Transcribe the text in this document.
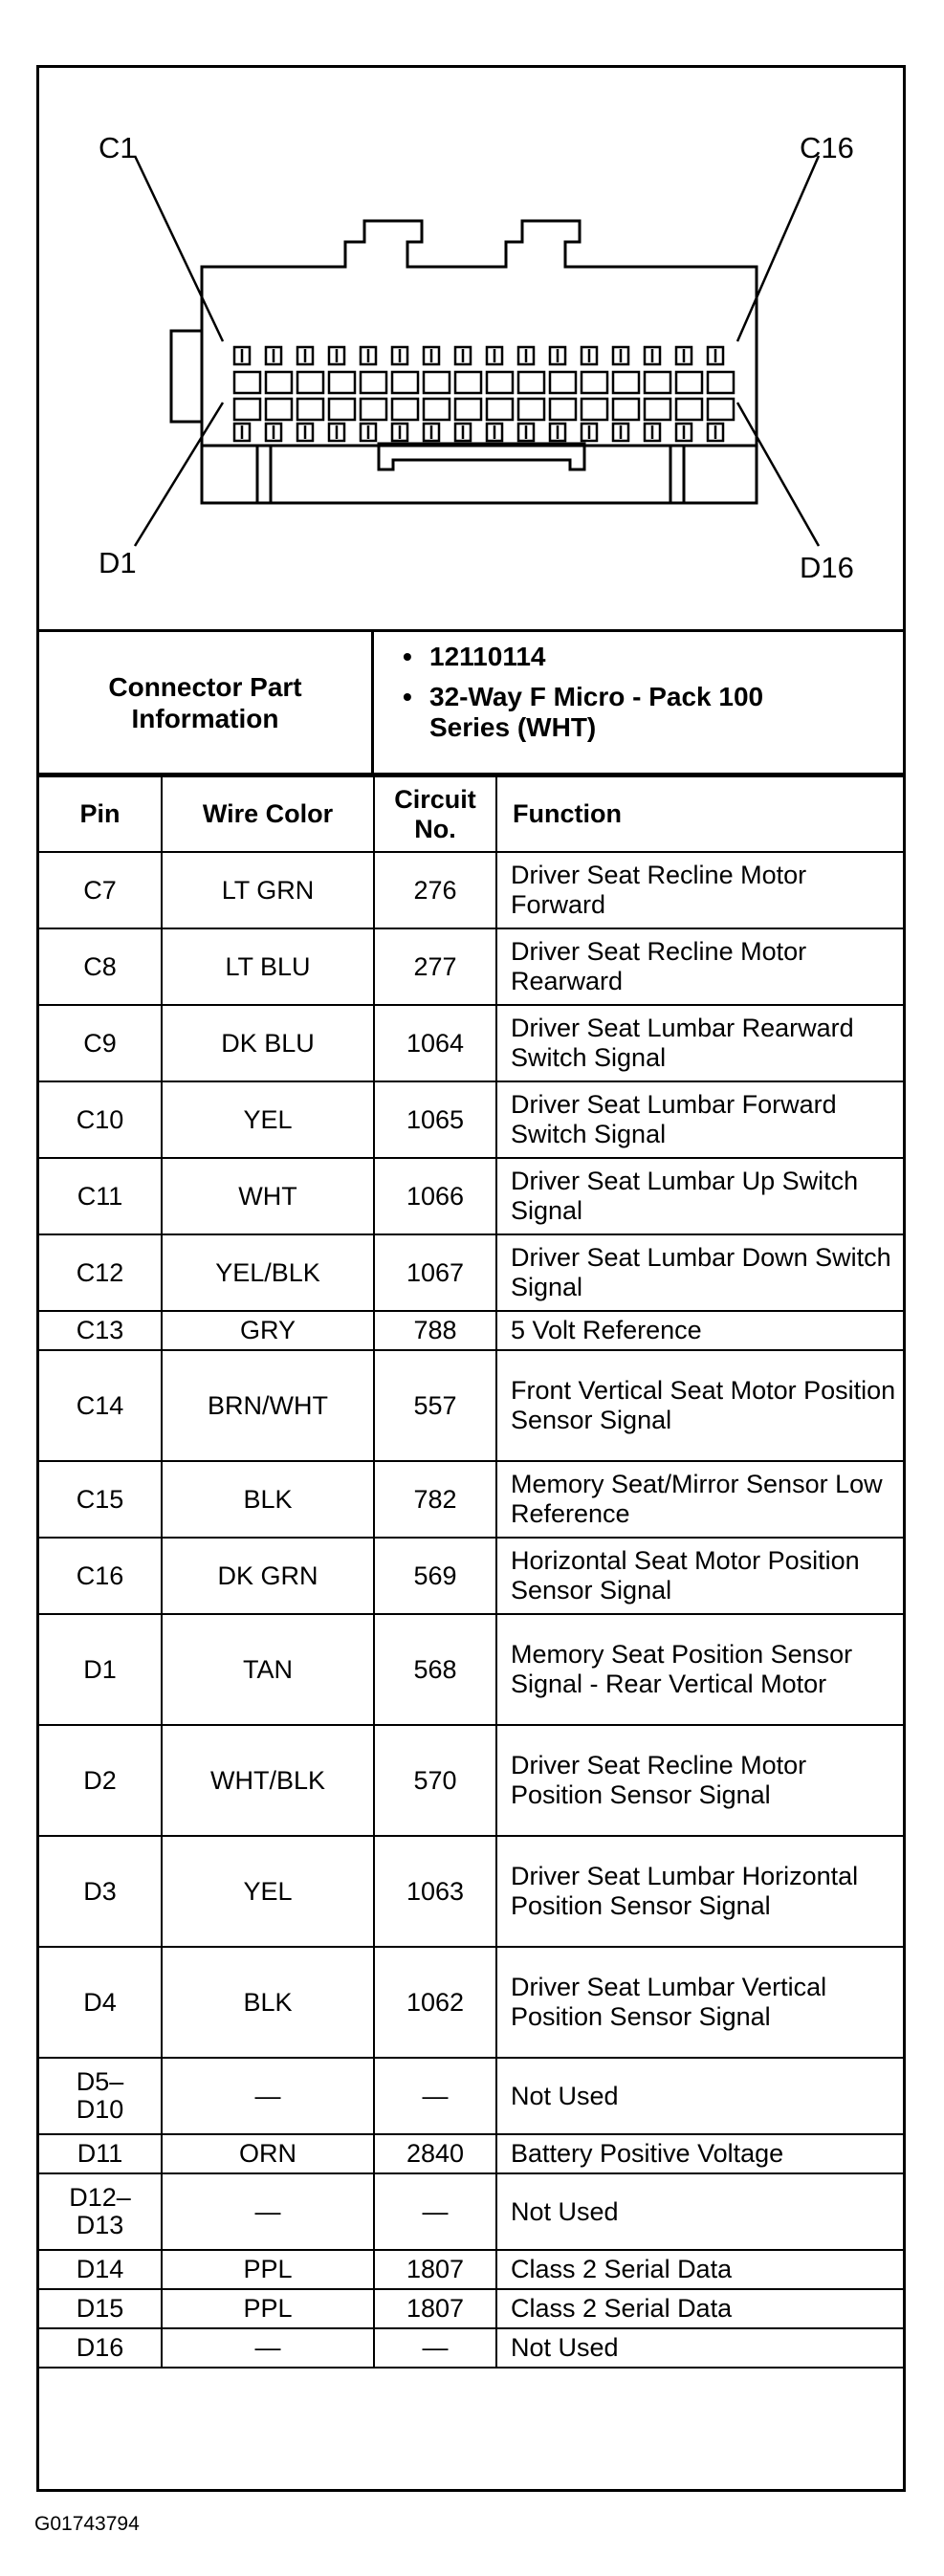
C1	C16
D1	D16
Connector Part Information
• 12110114
• 32-Way F Micro - Pack 100 Series (WHT)
Pin	Wire Color	Circuit No.	Function
C7	LT GRN	276	Driver Seat Recline Motor Forward
C8	LT BLU	277	Driver Seat Recline Motor Rearward
C9	DK BLU	1064	Driver Seat Lumbar Rearward Switch Signal
C10	YEL	1065	Driver Seat Lumbar Forward Switch Signal
C11	WHT	1066	Driver Seat Lumbar Up Switch Signal
C12	YEL/BLK	1067	Driver Seat Lumbar Down Switch Signal
C13	GRY	788	5 Volt Reference
C14	BRN/WHT	557	Front Vertical Seat Motor Position Sensor Signal
C15	BLK	782	Memory Seat/Mirror Sensor Low Reference
C16	DK GRN	569	Horizontal Seat Motor Position Sensor Signal
D1	TAN	568	Memory Seat Position Sensor Signal - Rear Vertical Motor
D2	WHT/BLK	570	Driver Seat Recline Motor Position Sensor Signal
D3	YEL	1063	Driver Seat Lumbar Horizontal Position Sensor Signal
D4	BLK	1062	Driver Seat Lumbar Vertical Position Sensor Signal
D5–D10	—	—	Not Used
D11	ORN	2840	Battery Positive Voltage
D12–D13	—	—	Not Used
D14	PPL	1807	Class 2 Serial Data
D15	PPL	1807	Class 2 Serial Data
D16	—	—	Not Used
G01743794
